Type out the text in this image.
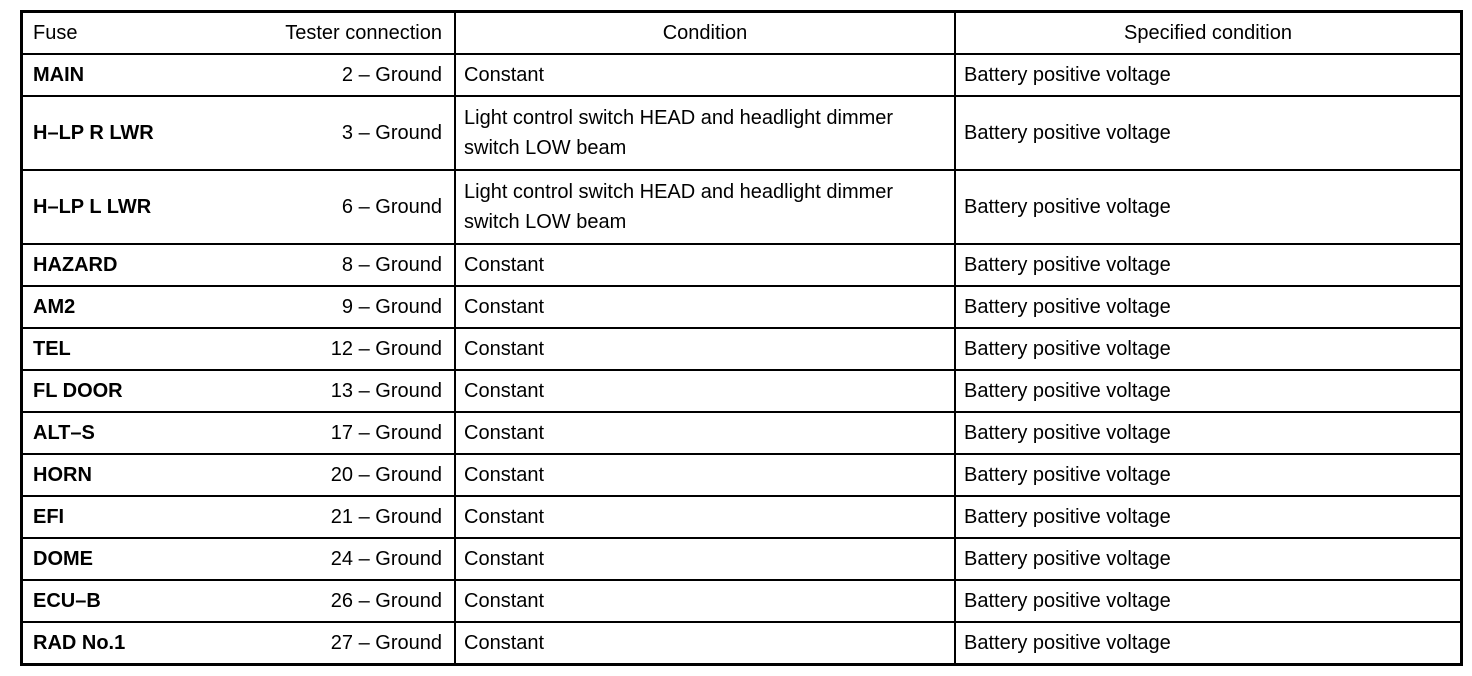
Fuse Tester connection	Condition	Specified condition

MAIN 2 – Ground	Constant	Battery positive voltage

H–LP R LWR 3 – Ground	Light control switch HEAD and headlight dimmer switch LOW beam	Battery positive voltage

H–LP L LWR 6 – Ground	Light control switch HEAD and headlight dimmer switch LOW beam	Battery positive voltage

HAZARD 8 – Ground	Constant	Battery positive voltage

AM2 9 – Ground	Constant	Battery positive voltage

TEL 12 – Ground	Constant	Battery positive voltage

FL DOOR 13 – Ground	Constant	Battery positive voltage

ALT–S 17 – Ground	Constant	Battery positive voltage

HORN 20 – Ground	Constant	Battery positive voltage

EFI 21 – Ground	Constant	Battery positive voltage

DOME 24 – Ground	Constant	Battery positive voltage

ECU–B 26 – Ground	Constant	Battery positive voltage

RAD No.1 27 – Ground	Constant	Battery positive voltage
